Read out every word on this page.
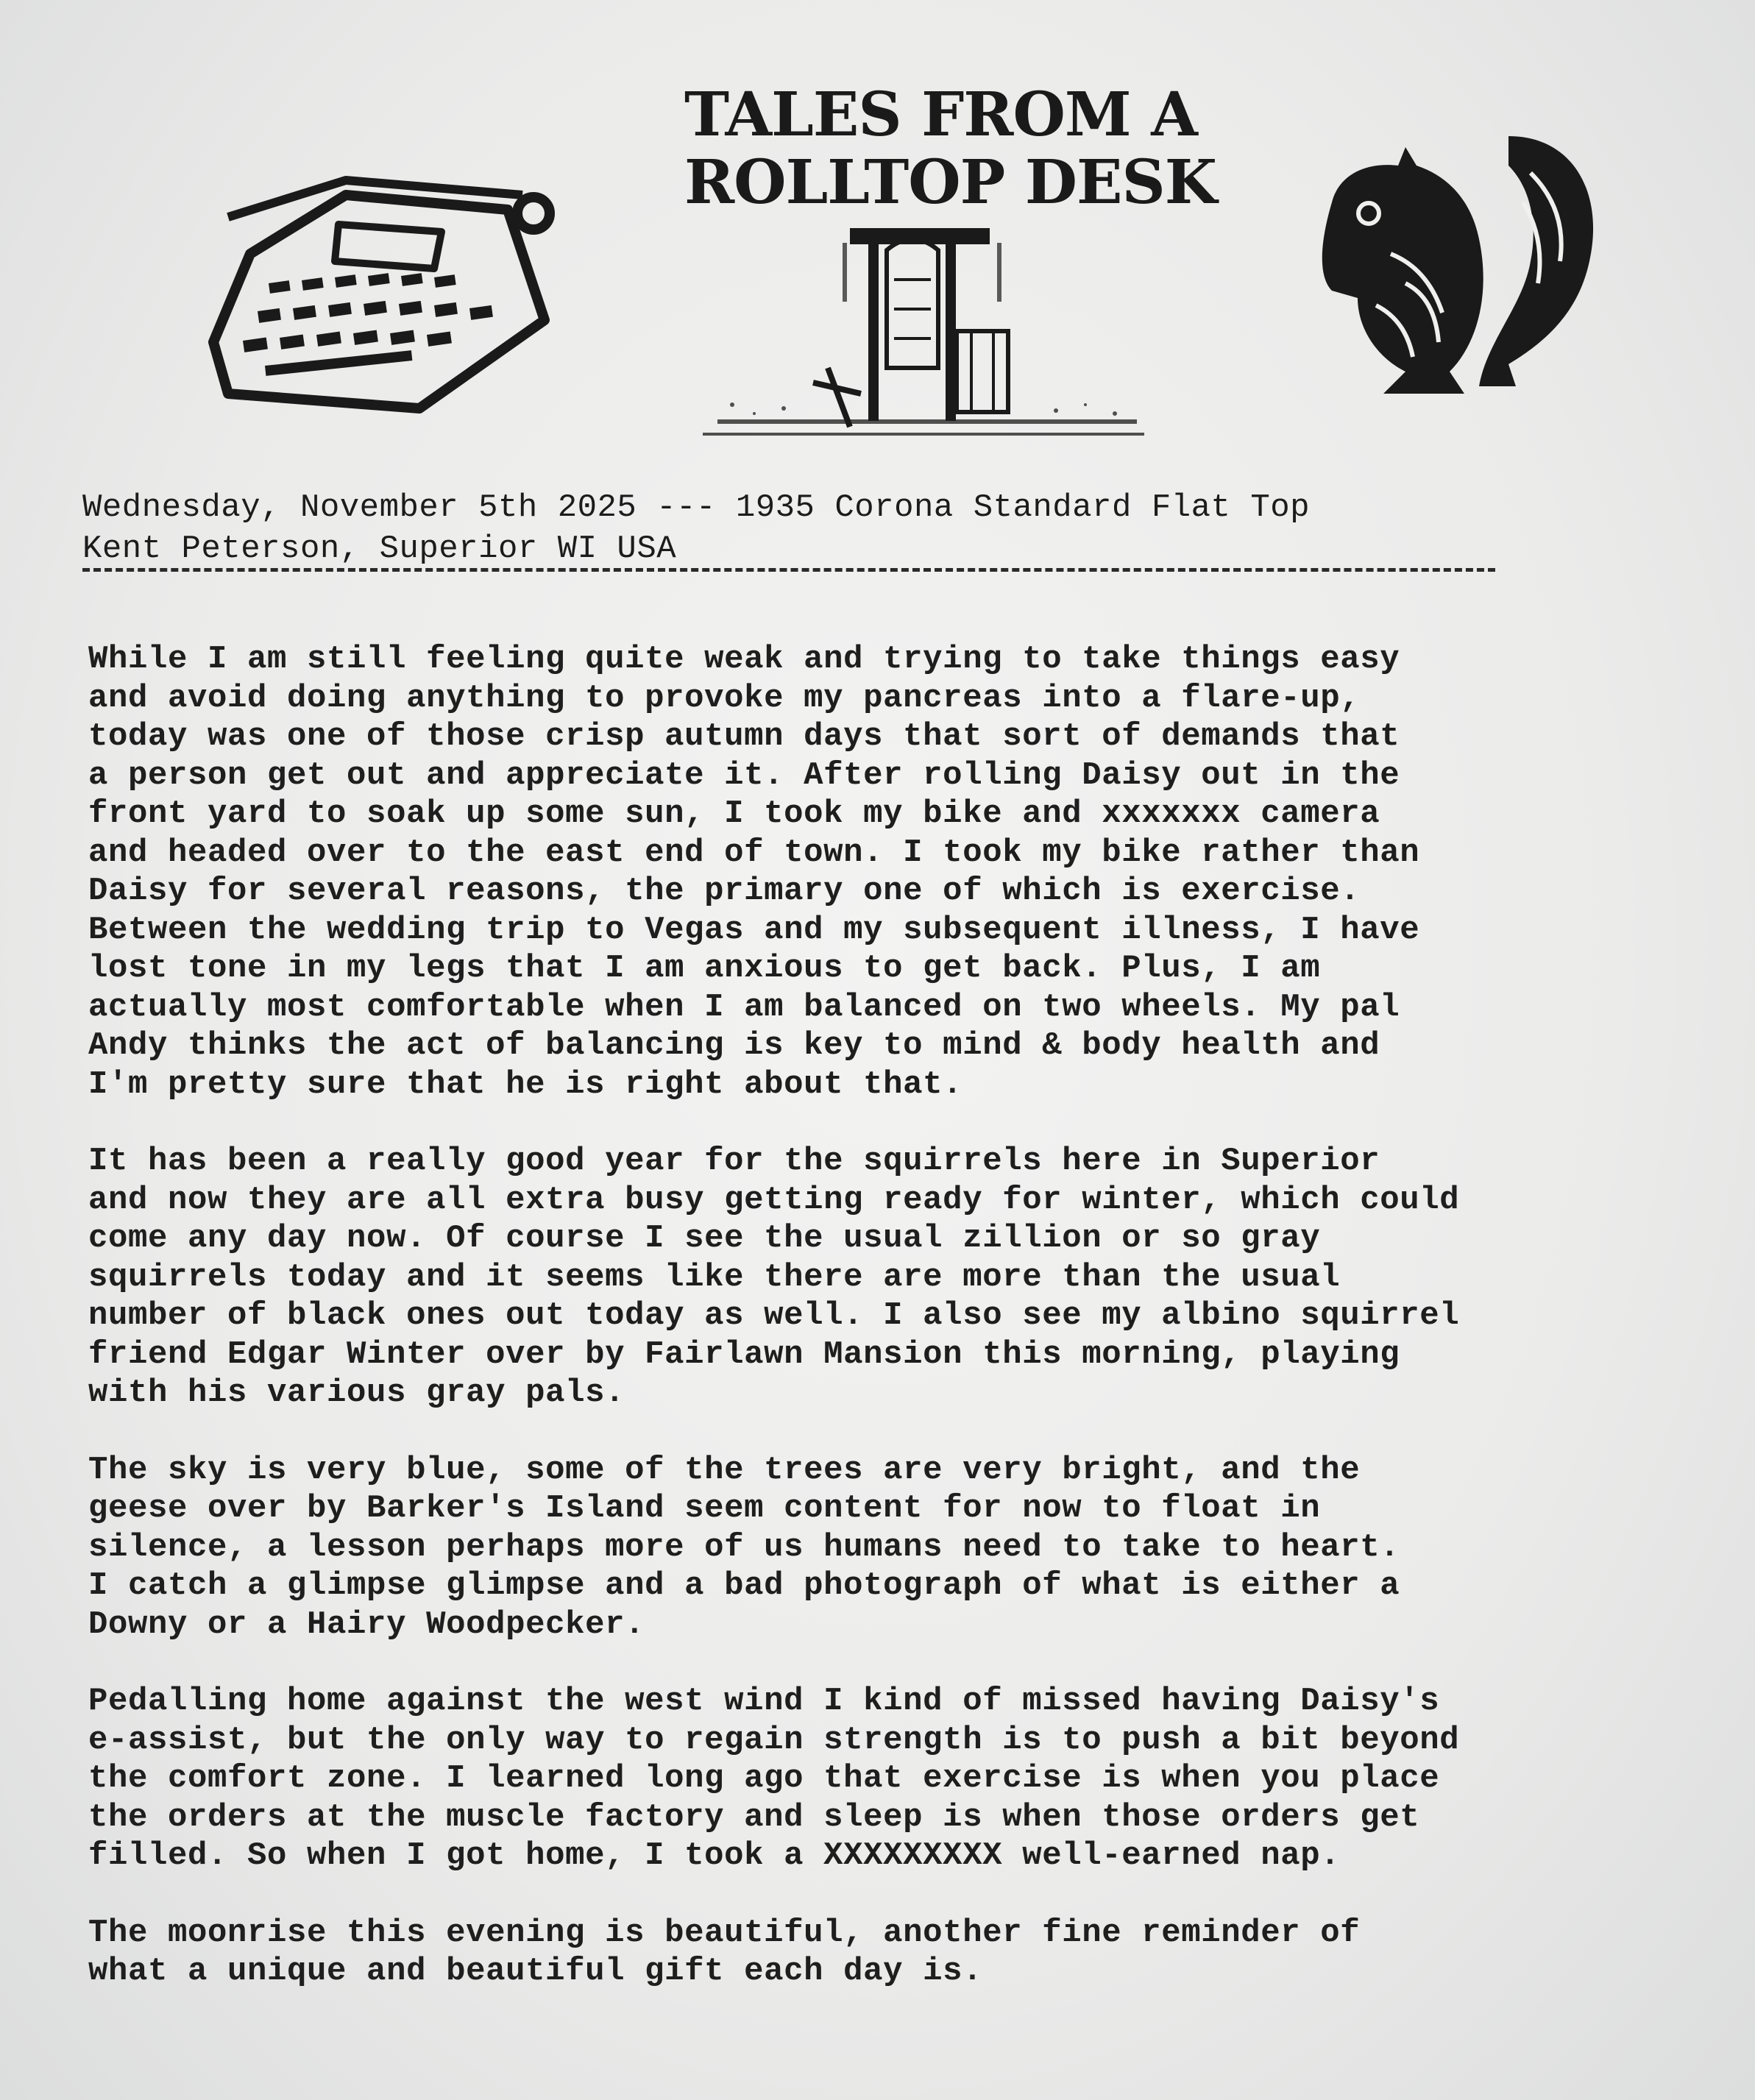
TALES FROM A
ROLLTOP DESK
Wednesday, November 5th 2025 --- 1935 Corona Standard Flat Top
Kent Peterson, Superior WI USA

While I am still feeling quite weak and trying to take things easy
and avoid doing anything to provoke my pancreas into a flare-up,
today was one of those crisp autumn days that sort of demands that
a person get out and appreciate it. After rolling Daisy out in the
front yard to soak up some sun, I took my bike and xxxxxxx camera
and headed over to the east end of town. I took my bike rather than
Daisy for several reasons, the primary one of which is exercise.
Between the wedding trip to Vegas and my subsequent illness, I have
lost tone in my legs that I am anxious to get back. Plus, I am
actually most comfortable when I am balanced on two wheels. My pal
Andy thinks the act of balancing is key to mind & body health and
I'm pretty sure that he is right about that.

It has been a really good year for the squirrels here in Superior
and now they are all extra busy getting ready for winter, which could
come any day now. Of course I see the usual zillion or so gray
squirrels today and it seems like there are more than the usual
number of black ones out today as well. I also see my albino squirrel
friend Edgar Winter over by Fairlawn Mansion this morning, playing
with his various gray pals.

The sky is very blue, some of the trees are very bright, and the
geese over by Barker's Island seem content for now to float in
silence, a lesson perhaps more of us humans need to take to heart.
I catch a glimpse glimpse and a bad photograph of what is either a
Downy or a Hairy Woodpecker.

Pedalling home against the west wind I kind of missed having Daisy's
e-assist, but the only way to regain strength is to push a bit beyond
the comfort zone. I learned long ago that exercise is when you place
the orders at the muscle factory and sleep is when those orders get
filled. So when I got home, I took a XXXXXXXXX well-earned nap.

The moonrise this evening is beautiful, another fine reminder of
what a unique and beautiful gift each day is.
